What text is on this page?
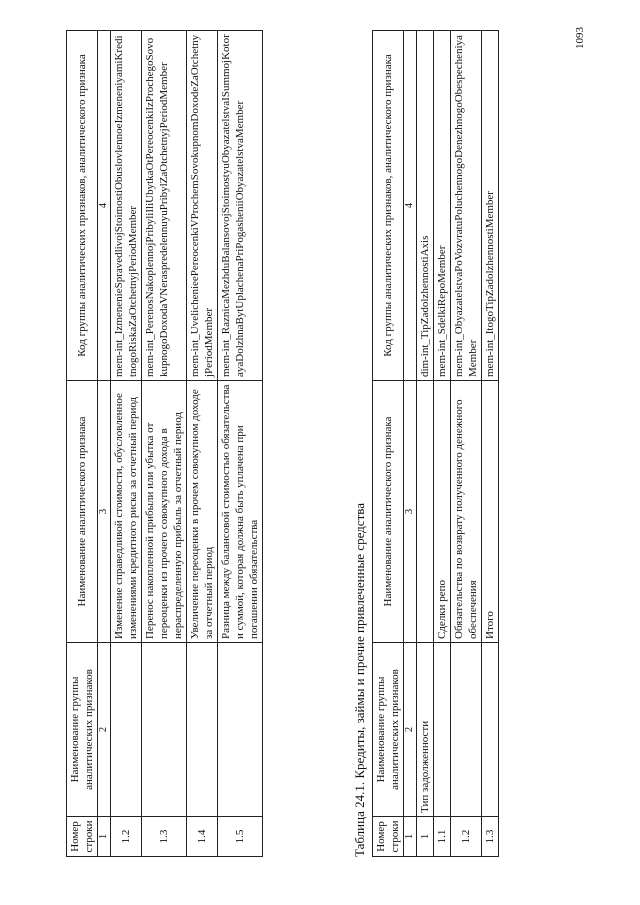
Номер строки	Наименование группы аналитических признаков	Наименование аналитического признака	Код группы аналитических признаков, аналитического признака
1	2	3	4
1.2		Изменение справедливой стоимости, обусловленное изменениями кредитного риска за отчетный период	mem-int_IzmenenieSpravedlivojStoimostiObuslovlennoeIzmeneniyamiKreditnogoRiskaZaOtchetnyjPeriodMember
1.3		Перенос накопленной прибыли или убытка от переоценки из прочего совокупного дохода в нераспределенную прибыль за отчетный период	mem-int_PerenosNakoplennojPribyliIliUbytkaOtPereocenkiIzProchegoSovokupnogoDoxodaVNeraspredelennuyuPribylZaOtchetnyjPeriodMember
1.4		Увеличение переоценки в прочем совокупном доходе за отчетный период	mem-int_UvelichenieePereocenkiVProchemSovokupnomDoxodeZaOtchetnyjPeriodMember
1.5		Разница между балансовой стоимостью обязательства и суммой, которая должна быть уплачена при погашении обязательства	mem-int_RaznicaMezhduBalansovojStoimostyuObyazatelstvaISummojKotorayaDolzhnaBytUplachenaPriPogasheniiObyazatelstvaMember
Таблица 24.1. Кредиты, займы и прочие привлеченные средства Номер строки	Наименование группы аналитических признаков	Наименование аналитического признака	Код группы аналитических признаков, аналитического признака
1	2	3	4
1	Тип задолженности		dim-int_TipZadolzhennostiAxis
1.1		Сделки репо	mem-int_SdelkiRepoMember
1.2		Обязательства по возврату полученного денежного обеспечения	mem-int_ObyazatelstvaPoVozvratuPoluchennogoDenezhnogoObespecheniyaMember
1.3		Итого	mem-int_ItogoTipZadolzhennostiMember
1093
